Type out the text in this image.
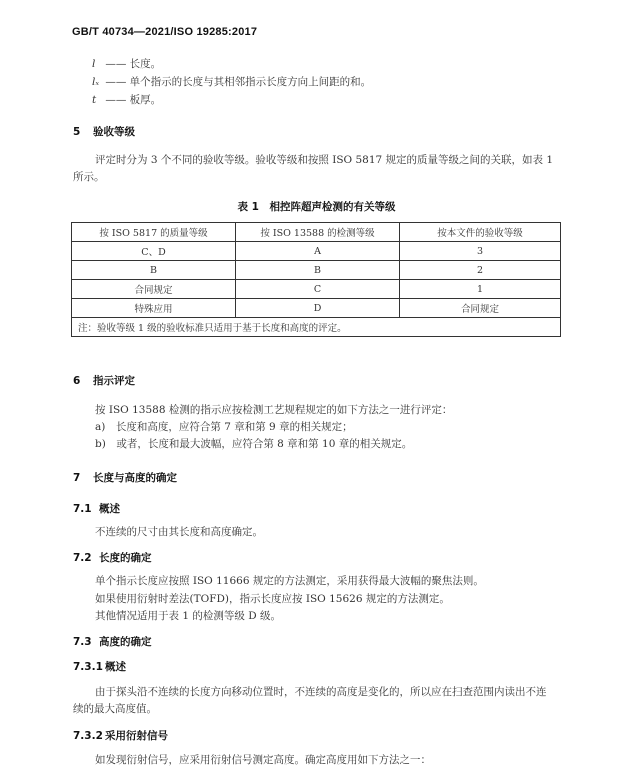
GB/T 40734—2021/ISO 19285:2017
l —— 长度。
lₓ —— 单个指示的长度与其相邻指示长度方向上间距的和。
t —— 板厚。
5 验收等级
评定时分为 3 个不同的验收等级。验收等级和按照 ISO 5817 规定的质量等级之间的关联，如表 1
所示。
表 1　相控阵超声检测的有关等级
按 ISO 5817 的质量等级	按 ISO 13588 的检测等级	按本文件的验收等级
C、D	A	3
B	B	2
合同规定	C	1
特殊应用	D	合同规定
注：验收等级 1 级的验收标准只适用于基于长度和高度的评定。		
6 指示评定
按 ISO 13588 检测的指示应按检测工艺规程规定的如下方法之一进行评定：
a)　长度和高度，应符合第 7 章和第 9 章的相关规定；
b)　或者，长度和最大波幅，应符合第 8 章和第 10 章的相关规定。
7 长度与高度的确定
7.1 概述
不连续的尺寸由其长度和高度确定。
7.2 长度的确定
单个指示长度应按照 ISO 11666 规定的方法测定，采用获得最大波幅的聚焦法则。
如果使用衍射时差法(TOFD)，指示长度应按 ISO 15626 规定的方法测定。
其他情况适用于表 1 的检测等级 D 级。
7.3 高度的确定
7.3.1 概述
由于探头沿不连续的长度方向移动位置时，不连续的高度是变化的，所以应在扫查范围内读出不连
续的最大高度值。
7.3.2 采用衍射信号
如发现衍射信号，应采用衍射信号测定高度。确定高度用如下方法之一：
